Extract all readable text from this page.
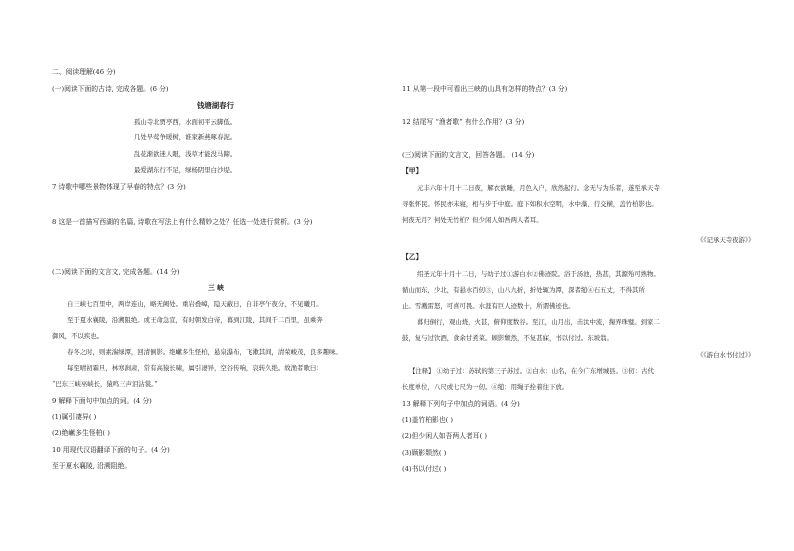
二、阅读理解(46 分)
(一)阅读下面的古诗, 完成各题。(6 分)
钱塘湖春行
孤山寺北贾亭西，水面初平云脚低。
几处早莺争暖树，谁家新燕啄春泥。
乱花渐欲迷人眼，浅草才能没马蹄。
最爱湖东行不足，绿杨阴里白沙堤。
7 诗歌中哪些景物体现了早春的特点？(3 分)
8 这是一首描写西湖的名篇, 诗歌在写法上有什么精妙之处？任选一处进行赏析。(3 分)
(二)阅读下面的文言文, 完成各题。(14 分)
三 峡
自三峡七百里中，两岸连山，略无阙处。重岩叠嶂，隐天蔽日，自非亭午夜分，不见曦月。
至于夏水襄陵，沿溯阻绝。或王命急宣，有时朝发白帝，暮到江陵，其间千二百里，虽乘奔
御风，不以疾也。
春冬之时，则素湍绿潭，回清倒影。绝𪩘多生怪柏，悬泉瀑布，飞漱其间，清荣峻茂，良多趣味。
每至晴初霜旦，林寒涧肃，常有高猿长啸，属引凄异，空谷传响，哀转久绝。故渔者歌曰：
“巴东三峡巫峡长，猿鸣三声泪沾裳。”
9 解释下面句中加点的词。(4 分)
(1)属引凄异( )
(2)绝𪩘多生怪柏( )
10 用现代汉语翻译下面的句子。(4 分)
至于夏水襄陵, 沿溯阻绝。
11 从第一段中可看出三峡的山具有怎样的特点？(3 分)
12 结尾写 “渔者歌” 有什么作用？(3 分)
(三)阅读下面的文言文，回答各题。 (14 分)
【甲】
元丰六年十月十二日夜，解衣欲睡，月色入户，欣然起行。念无与为乐者，遂至承天寺
寻张怀民。怀民亦未寝，相与步于中庭。庭下如积水空明，水中藻、荇交横，盖竹柏影也。
何夜无月？何处无竹柏？但少闲人如吾两人者耳。
《《记承天寺夜游》》
【乙】
绍圣元年十月十二日，与幼子过①游白水②佛迹院。浴于汤池，热甚，其源殆可熟物。
循山而东，少北，有悬水百仞③，山八九折，折处辄为潭，深者缒④石五丈，不得其所
止。雪溅雷怒，可喜可畏。水涯有巨人迹数十，所谓佛迹也。
暮归倒行，观山烧，火甚，俯仰度数谷。至江，山月出，击汰中流，掬弄珠璧。到家二
鼓，复与过饮酒，食余甘煮菜。顾影颓然，不复甚寐，书以付过。东坡翁。
《《游白水书付过》》
【注释】 ①幼子过：苏轼的第三子苏过。②白水：山名，在今广东增城县。③仞：古代
长度单位，八尺或七尺为一仞。④缒：用绳子拴着往下放。
13 解释下列句子中加点的词语。(4 分)
(1)盖竹柏影也( )
(2)但少闲人如吾两人者耳( )
(3)顾影颓然( )
(4)书以付过( )
